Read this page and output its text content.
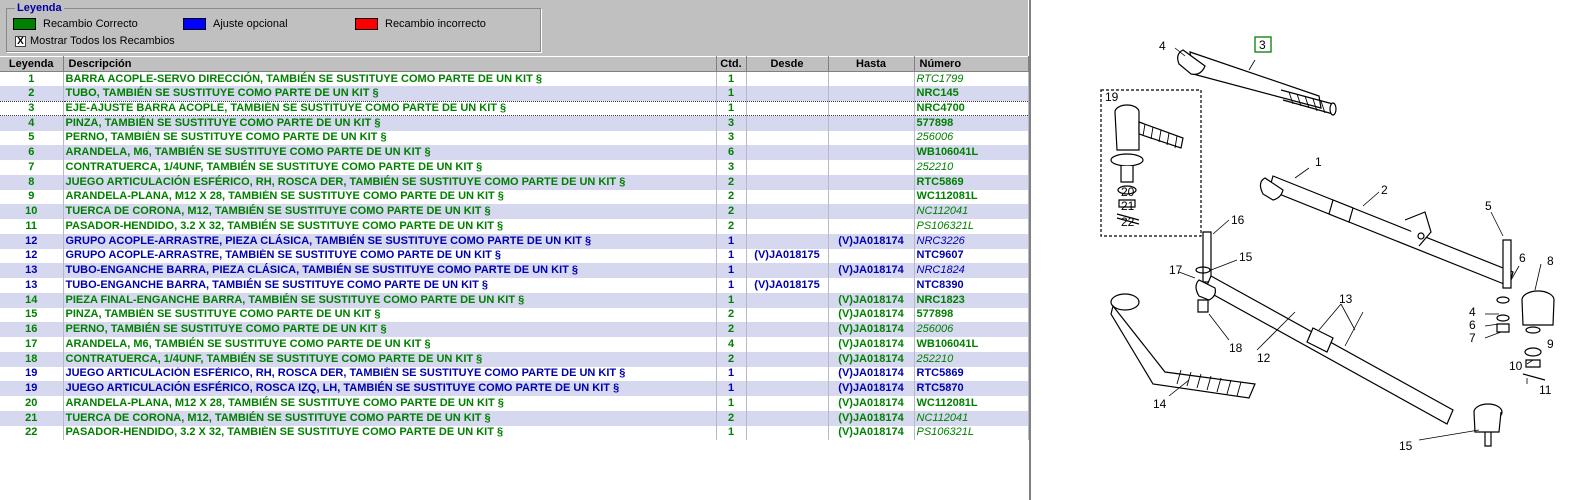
Leyenda
Recambio Correcto	Ajuste opcional	Recambio incorrecto
X Mostrar Todos los Recambios
Leyenda	Descripción	Ctd.	Desde	Hasta	Número
1	BARRA ACOPLE-SERVO DIRECCIÓN, TAMBIÉN SE SUSTITUYE COMO PARTE DE UN KIT §	1			RTC1799
2	TUBO, TAMBIÉN SE SUSTITUYE COMO PARTE DE UN KIT §	1			NRC145
3	EJE-AJUSTE BARRA ACOPLE, TAMBIÉN SE SUSTITUYE COMO PARTE DE UN KIT §	1			NRC4700
4	PINZA, TAMBIÉN SE SUSTITUYE COMO PARTE DE UN KIT §	3			577898
5	PERNO, TAMBIÉN SE SUSTITUYE COMO PARTE DE UN KIT §	3			256006
6	ARANDELA, M6, TAMBIÉN SE SUSTITUYE COMO PARTE DE UN KIT §	6			WB106041L
7	CONTRATUERCA, 1/4UNF, TAMBIÉN SE SUSTITUYE COMO PARTE DE UN KIT §	3			252210
8	JUEGO ARTICULACIÓN ESFÉRICO, RH, ROSCA DER, TAMBIÉN SE SUSTITUYE COMO PARTE DE UN KIT §	2			RTC5869
9	ARANDELA-PLANA, M12 X 28, TAMBIÉN SE SUSTITUYE COMO PARTE DE UN KIT §	2			WC112081L
10	TUERCA DE CORONA, M12, TAMBIÉN SE SUSTITUYE COMO PARTE DE UN KIT §	2			NC112041
11	PASADOR-HENDIDO, 3.2 X 32, TAMBIÉN SE SUSTITUYE COMO PARTE DE UN KIT §	2			PS106321L
12	GRUPO ACOPLE-ARRASTRE, PIEZA CLÁSICA, TAMBIÉN SE SUSTITUYE COMO PARTE DE UN KIT §	1		(V)JA018174	NRC3226
12	GRUPO ACOPLE-ARRASTRE, TAMBIÉN SE SUSTITUYE COMO PARTE DE UN KIT §	1	(V)JA018175		NTC9607
13	TUBO-ENGANCHE BARRA, PIEZA CLÁSICA, TAMBIÉN SE SUSTITUYE COMO PARTE DE UN KIT §	1		(V)JA018174	NRC1824
13	TUBO-ENGANCHE BARRA, TAMBIÉN SE SUSTITUYE COMO PARTE DE UN KIT §	1	(V)JA018175		NTC8390
14	PIEZA FINAL-ENGANCHE BARRA, TAMBIÉN SE SUSTITUYE COMO PARTE DE UN KIT §	1		(V)JA018174	NRC1823
15	PINZA, TAMBIÉN SE SUSTITUYE COMO PARTE DE UN KIT §	2		(V)JA018174	577898
16	PERNO, TAMBIÉN SE SUSTITUYE COMO PARTE DE UN KIT §	2		(V)JA018174	256006
17	ARANDELA, M6, TAMBIÉN SE SUSTITUYE COMO PARTE DE UN KIT §	4		(V)JA018174	WB106041L
18	CONTRATUERCA, 1/4UNF, TAMBIÉN SE SUSTITUYE COMO PARTE DE UN KIT §	2		(V)JA018174	252210
19	JUEGO ARTICULACIÓN ESFÉRICO, RH, ROSCA DER, TAMBIÉN SE SUSTITUYE COMO PARTE DE UN KIT §	1		(V)JA018174	RTC5869
19	JUEGO ARTICULACIÓN ESFÉRICO, ROSCA IZQ, LH, TAMBIÉN SE SUSTITUYE COMO PARTE DE UN KIT §	1		(V)JA018174	RTC5870
20	ARANDELA-PLANA, M12 X 28, TAMBIÉN SE SUSTITUYE COMO PARTE DE UN KIT §	1		(V)JA018174	WC112081L
21	TUERCA DE CORONA, M12, TAMBIÉN SE SUSTITUYE COMO PARTE DE UN KIT §	2		(V)JA018174	NC112041
22	PASADOR-HENDIDO, 3.2 X 32, TAMBIÉN SE SUSTITUYE COMO PARTE DE UN KIT §	1		(V)JA018174	PS106321L
4	3
19
1
2
20
21
22
5
16
15	6 8
17
13
4
6
7	9
18
12
10
11
14
15
